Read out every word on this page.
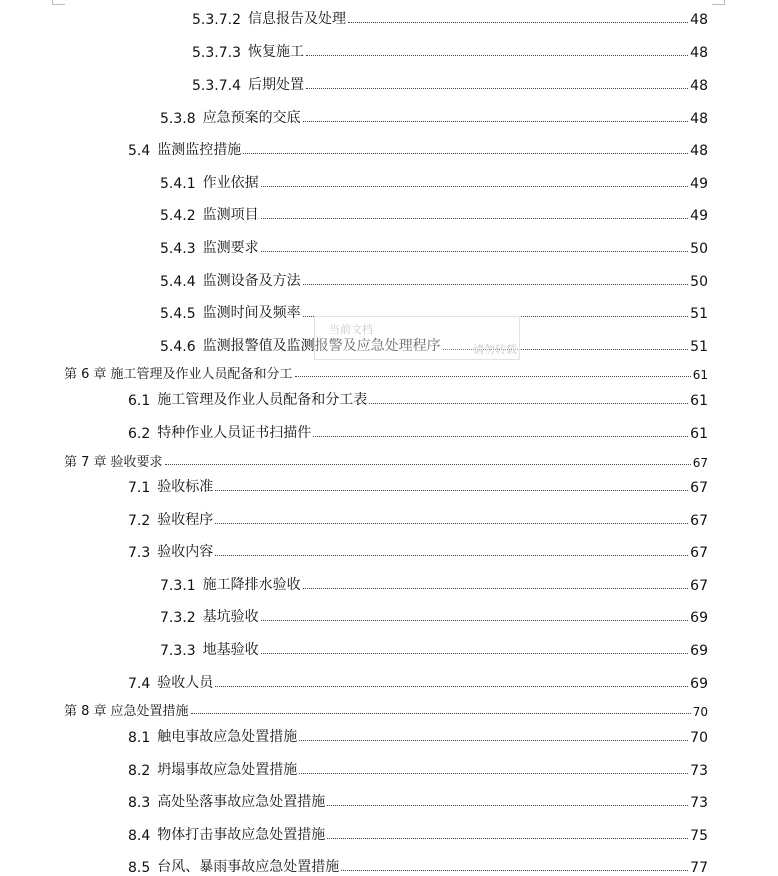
5.3.7.2 信息报告及处理	48
5.3.7.3 恢复施工	48
5.3.7.4 后期处置	48
5.3.8 应急预案的交底	48
5.4 监测监控措施	48
5.4.1 作业依据	49
5.4.2 监测项目	49
5.4.3 监测要求	50
5.4.4 监测设备及方法	50
5.4.5 监测时间及频率	51
5.4.6 监测报警值及监测报警及应急处理程序	51
第 6 章 施工管理及作业人员配备和分工	61
6.1 施工管理及作业人员配备和分工表	61
6.2 特种作业人员证书扫描件	61
第 7 章 验收要求	67
7.1 验收标准	67
7.2 验收程序	67
7.3 验收内容	67
7.3.1 施工降排水验收	67
7.3.2 基坑验收	69
7.3.3 地基验收	69
7.4 验收人员	69
第 8 章 应急处置措施	70
8.1 触电事故应急处置措施	70
8.2 坍塌事故应急处置措施	73
8.3 高处坠落事故应急处置措施	73
8.4 物体打击事故应急处置措施	75
8.5 台风、暴雨事故应急处置措施	77
当前文档
请勿转载
